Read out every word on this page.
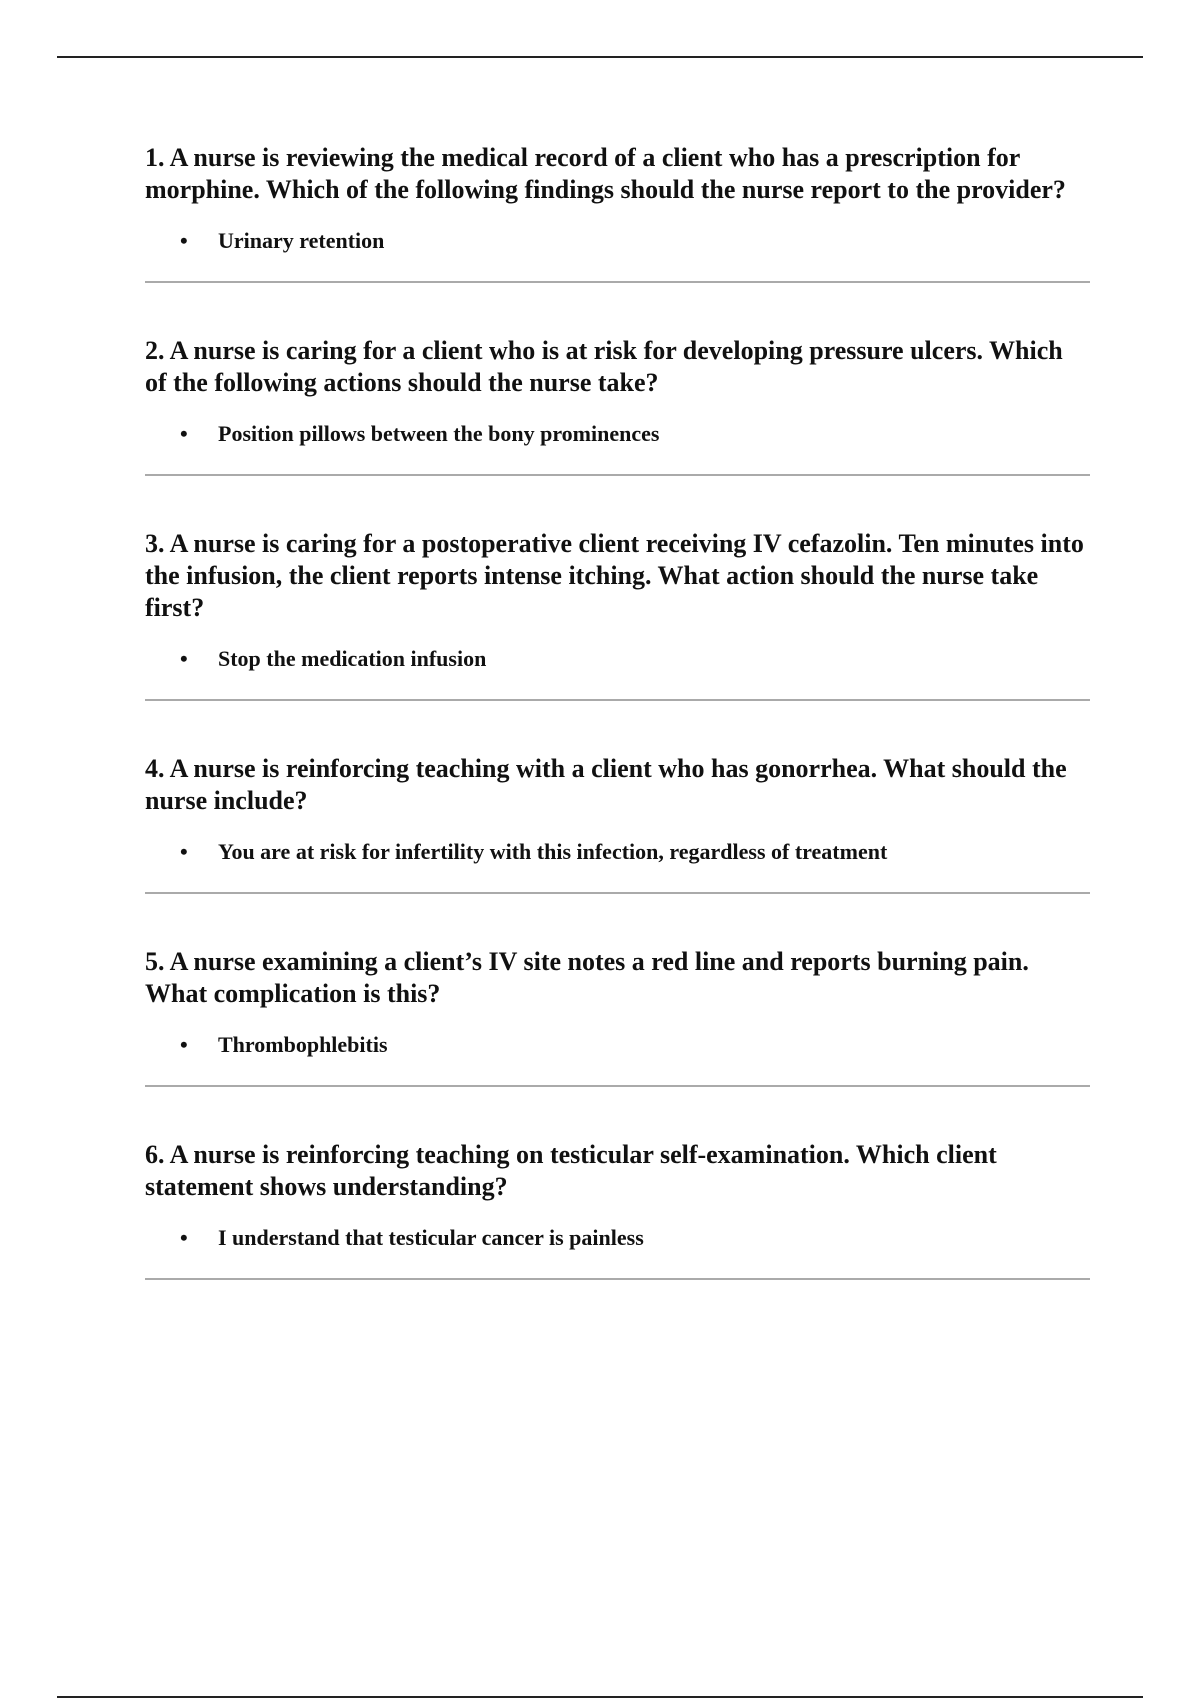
1. A nurse is reviewing the medical record of a client who has a prescription for morphine. Which of the following findings should the nurse report to the provider?

• Urinary retention

2. A nurse is caring for a client who is at risk for developing pressure ulcers. Which of the following actions should the nurse take?

• Position pillows between the bony prominences

3. A nurse is caring for a postoperative client receiving IV cefazolin. Ten minutes into the infusion, the client reports intense itching. What action should the nurse take first?

• Stop the medication infusion

4. A nurse is reinforcing teaching with a client who has gonorrhea. What should the nurse include?

• You are at risk for infertility with this infection, regardless of treatment

5. A nurse examining a client’s IV site notes a red line and reports burning pain. What complication is this?

• Thrombophlebitis

6. A nurse is reinforcing teaching on testicular self-examination. Which client statement shows understanding?

• I understand that testicular cancer is painless
